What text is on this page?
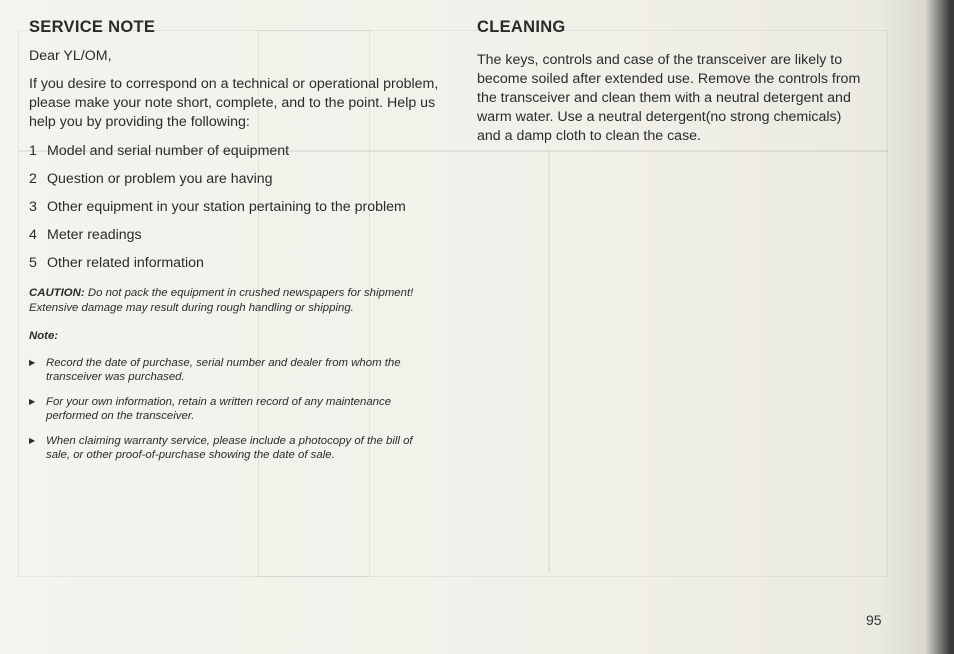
SERVICE NOTE
Dear YL/OM,
If you desire to correspond on a technical or operational problem, please make your note short, complete, and to the point. Help us help you by providing the following:
1 Model and serial number of equipment
2 Question or problem you are having
3 Other equipment in your station pertaining to the problem
4 Meter readings
5 Other related information
CAUTION: Do not pack the equipment in crushed newspapers for shipment! Extensive damage may result during rough handling or shipping.
Note:
▶ Record the date of purchase, serial number and dealer from whom the transceiver was purchased.
▶ For your own information, retain a written record of any maintenance performed on the transceiver.
▶ When claiming warranty service, please include a photocopy of the bill of sale, or other proof-of-purchase showing the date of sale.
CLEANING
The keys, controls and case of the transceiver are likely to become soiled after extended use. Remove the controls from the transceiver and clean them with a neutral detergent and warm water. Use a neutral detergent(no strong chemicals) and a damp cloth to clean the case.
95
